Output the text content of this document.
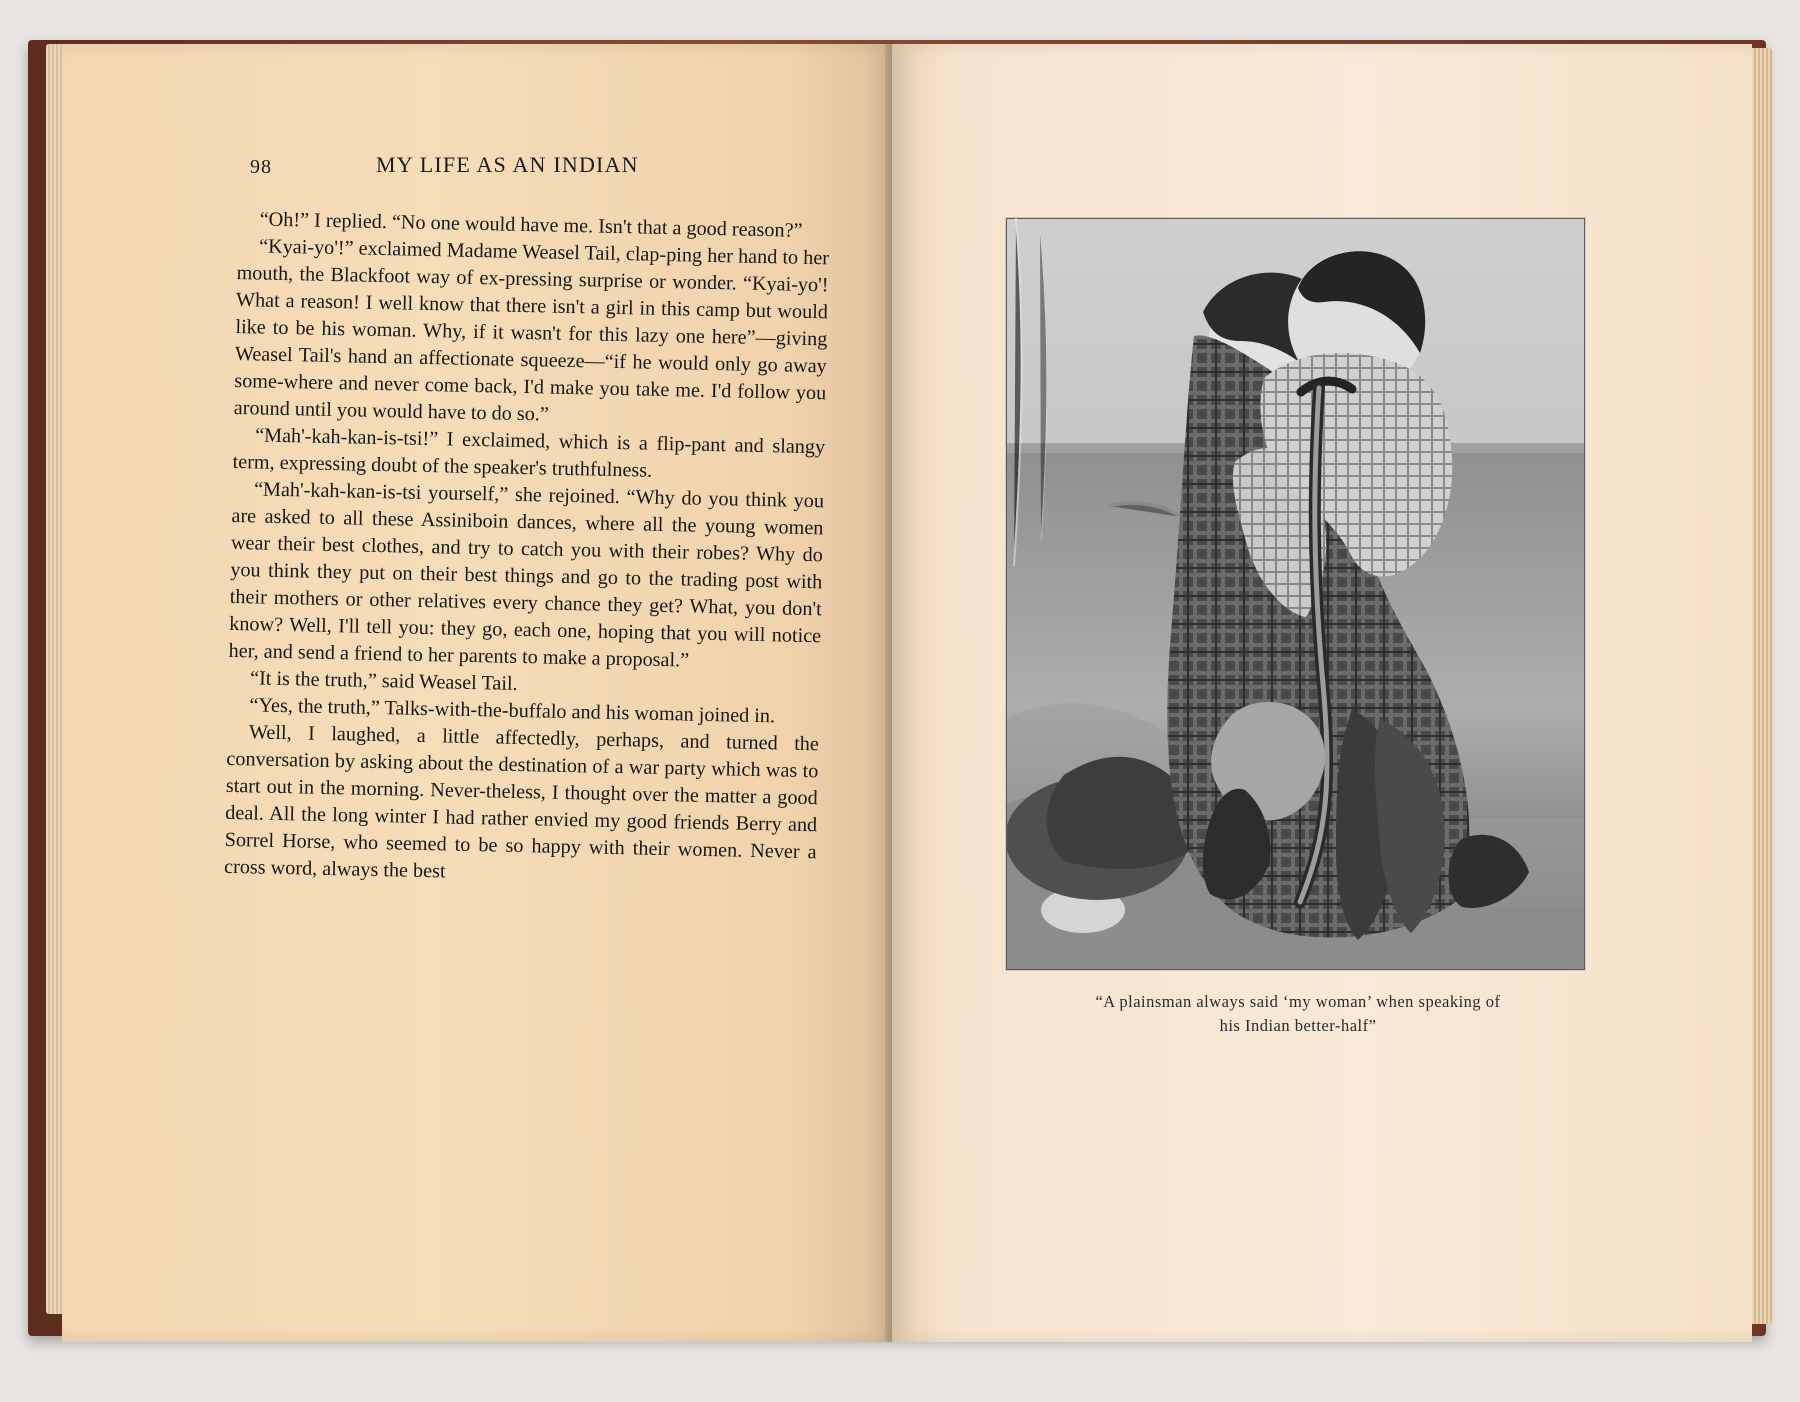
98	MY LIFE AS AN INDIAN

“Oh!” I replied. “No one would have me. Isn't that a good reason?”

“Kyai-yo'!” exclaimed Madame Weasel Tail, clap-ping her hand to her mouth, the Blackfoot way of ex-pressing surprise or wonder. “Kyai-yo'! What a reason! I well know that there isn't a girl in this camp but would like to be his woman. Why, if it wasn't for this lazy one here”—giving Weasel Tail's hand an affectionate squeeze—“if he would only go away some-where and never come back, I'd make you take me. I'd follow you around until you would have to do so.”

“Mah'-kah-kan-is-tsi!” I exclaimed, which is a flip-pant and slangy term, expressing doubt of the speaker's truthfulness.

“Mah'-kah-kan-is-tsi yourself,” she rejoined. “Why do you think you are asked to all these Assiniboin dances, where all the young women wear their best clothes, and try to catch you with their robes? Why do you think they put on their best things and go to the trading post with their mothers or other relatives every chance they get? What, you don't know? Well, I'll tell you: they go, each one, hoping that you will notice her, and send a friend to her parents to make a proposal.”

“It is the truth,” said Weasel Tail.

“Yes, the truth,” Talks-with-the-buffalo and his woman joined in.

Well, I laughed, a little affectedly, perhaps, and turned the conversation by asking about the destination of a war party which was to start out in the morning. Never-theless, I thought over the matter a good deal. All the long winter I had rather envied my good friends Berry and Sorrel Horse, who seemed to be so happy with their women. Never a cross word, always the best

“A plainsman always said ‘my woman’ when speaking of
his Indian better-half”
